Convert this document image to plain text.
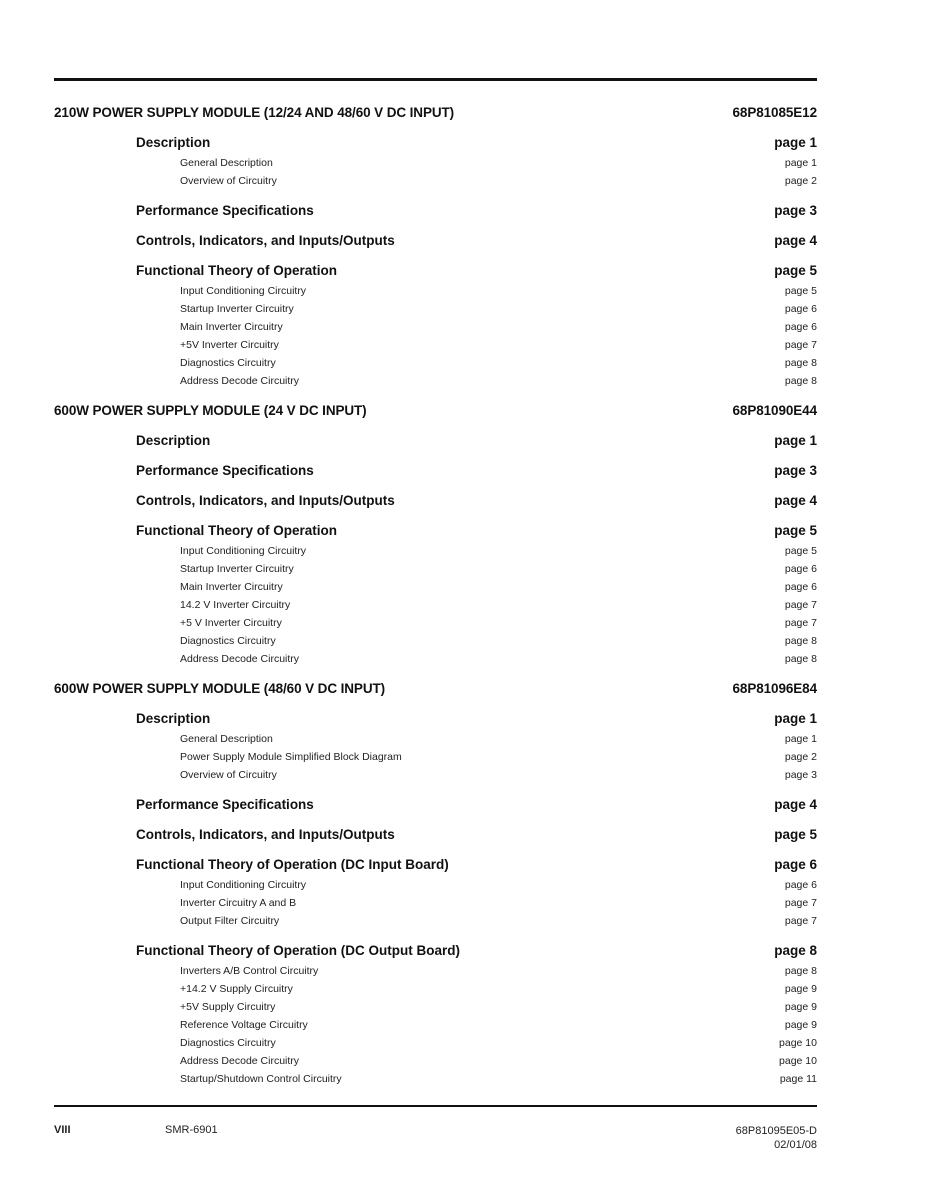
210W POWER SUPPLY MODULE (12/24 AND 48/60 V DC INPUT)	68P81085E12
Description	page 1
General Description	page 1
Overview of Circuitry	page 2
Performance Specifications	page 3
Controls, Indicators, and Inputs/Outputs	page 4
Functional Theory of Operation	page 5
Input Conditioning Circuitry	page 5
Startup Inverter Circuitry	page 6
Main Inverter Circuitry	page 6
+5V Inverter Circuitry	page 7
Diagnostics Circuitry	page 8
Address Decode Circuitry	page 8
600W POWER SUPPLY MODULE (24 V DC INPUT)	68P81090E44
Description	page 1
Performance Specifications	page 3
Controls, Indicators, and Inputs/Outputs	page 4
Functional Theory of Operation	page 5
Input Conditioning Circuitry	page 5
Startup Inverter Circuitry	page 6
Main Inverter Circuitry	page 6
14.2 V Inverter Circuitry	page 7
+5 V Inverter Circuitry	page 7
Diagnostics Circuitry	page 8
Address Decode Circuitry	page 8
600W POWER SUPPLY MODULE (48/60 V DC INPUT)	68P81096E84
Description	page 1
General Description	page 1
Power Supply Module Simplified Block Diagram	page 2
Overview of Circuitry	page 3
Performance Specifications	page 4
Controls, Indicators, and Inputs/Outputs	page 5
Functional Theory of Operation (DC Input Board)	page 6
Input Conditioning Circuitry	page 6
Inverter Circuitry A and B	page 7
Output Filter Circuitry	page 7
Functional Theory of Operation (DC Output Board)	page 8
Inverters A/B Control Circuitry	page 8
+14.2 V Supply Circuitry	page 9
+5V Supply Circuitry	page 9
Reference Voltage Circuitry	page 9
Diagnostics Circuitry	page 10
Address Decode Circuitry	page 10
Startup/Shutdown Control Circuitry	page 11
VIII	SMR-6901	68P81095E05-D
02/01/08
